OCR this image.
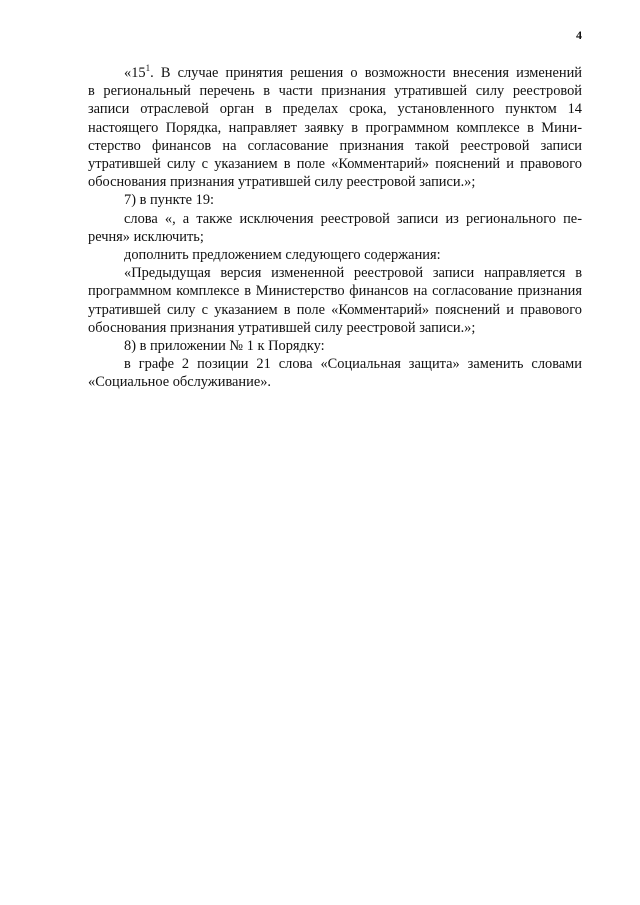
4

«$15^1$. В случае принятия решения о возможности внесения изменений
в региональный перечень в части признания утратившей силу реестровой записи отраслевой орган в пределах срока, установленного пунктом 14 настоящего Порядка, направляет заявку в программном комплексе в Министерство финансов на согласование признания такой реестровой записи утратившей силу с указанием в поле «Комментарий» пояснений и правового обоснования признания утратившей силу реестровой записи.»;

7) в пункте 19:

слова «, а также исключения реестровой записи из регионального перечня» исключить;

дополнить предложением следующего содержания:

«Предыдущая версия измененной реестровой записи направляется в программном комплексе в Министерство финансов на согласование признания утратившей силу с указанием в поле «Комментарий» пояснений и правового обоснования признания утратившей силу реестровой записи.»;

8) в приложении № 1 к Порядку:

в графе 2 позиции 21 слова «Социальная защита» заменить словами «Социальное обслуживание».
